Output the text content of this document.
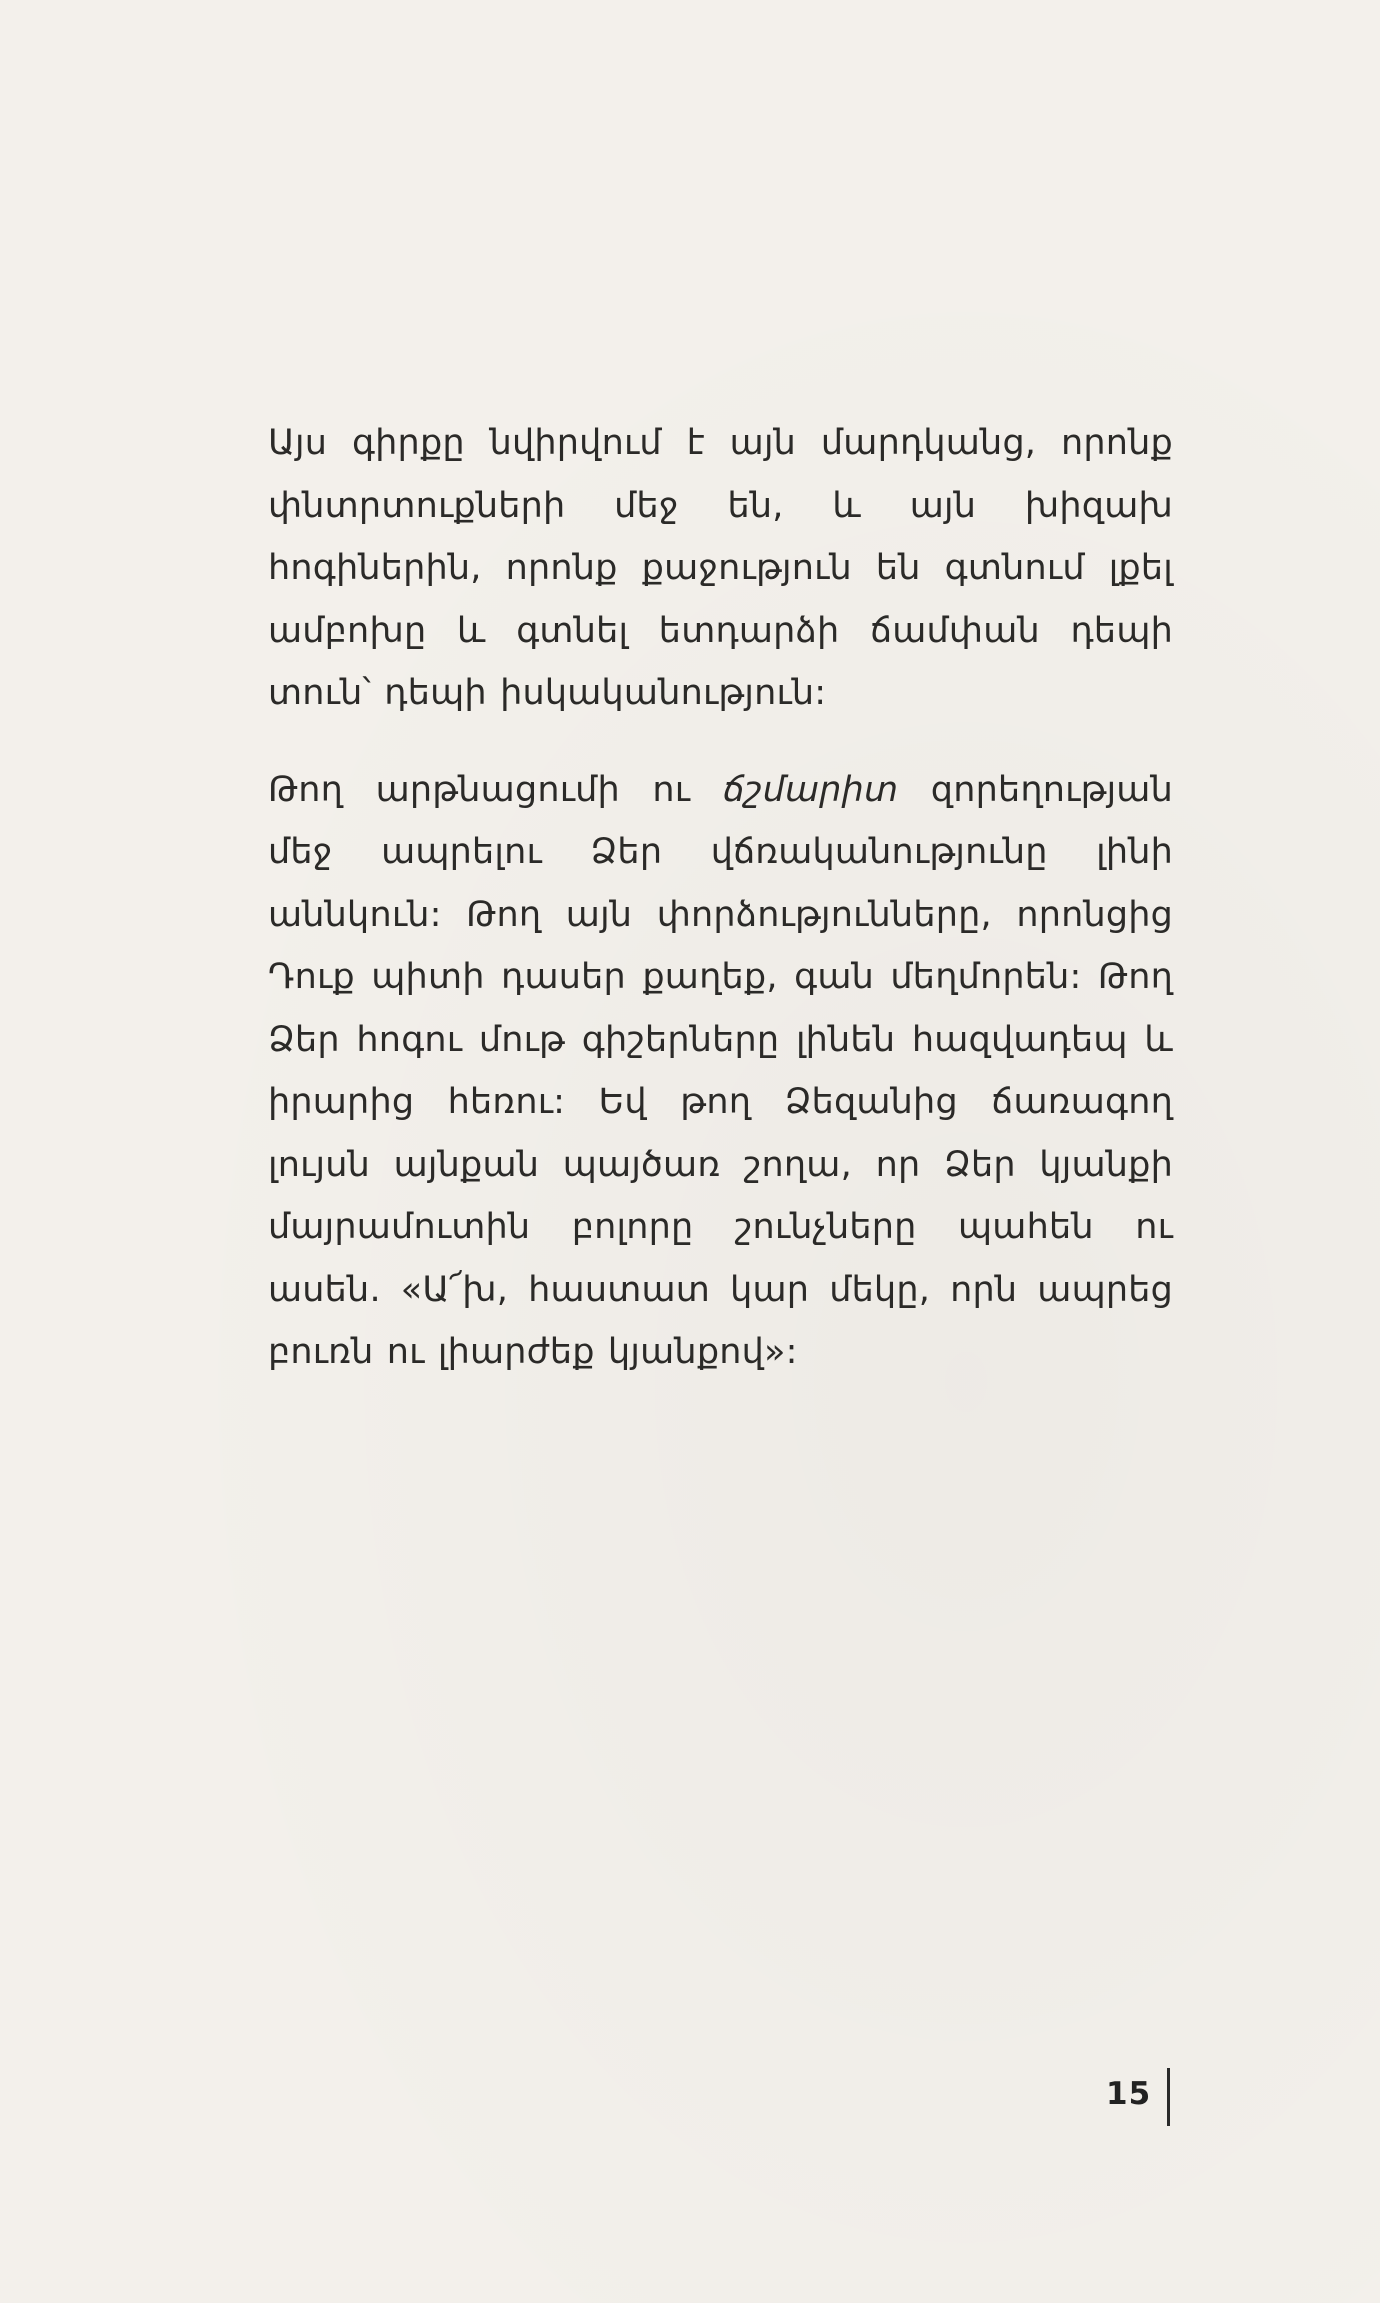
Այս գիրքը նվիրվում է այն մարդկանց, որոնք փնտրտուքների մեջ են, և այն խիզախ հոգիներին, որոնք քաջություն են գտնում լքել ամբոխը և գտնել ետդարձի ճամփան դեպի տուն՝ դեպի իսկականություն:

Թող արթնացումի ու ճշմարիտ զորեղության մեջ ապրելու Ձեր վճռականությունը լինի աննկուն: Թող այն փորձությունները, որոնցից Դուք պիտի դասեր քաղեք, գան մեղմորեն: Թող Ձեր հոգու մութ գիշերները լինեն հազվադեպ և իրարից հեռու: Եվ թող Ձեզանից ճառագող լույսն այնքան պայծառ շողա, որ Ձեր կյանքի մայրամուտին բոլորը շունչները պահեն ու ասեն. «Ա՜խ, հաստատ կար մեկը, որն ապրեց բուռն ու լիարժեք կյանքով»:

15
